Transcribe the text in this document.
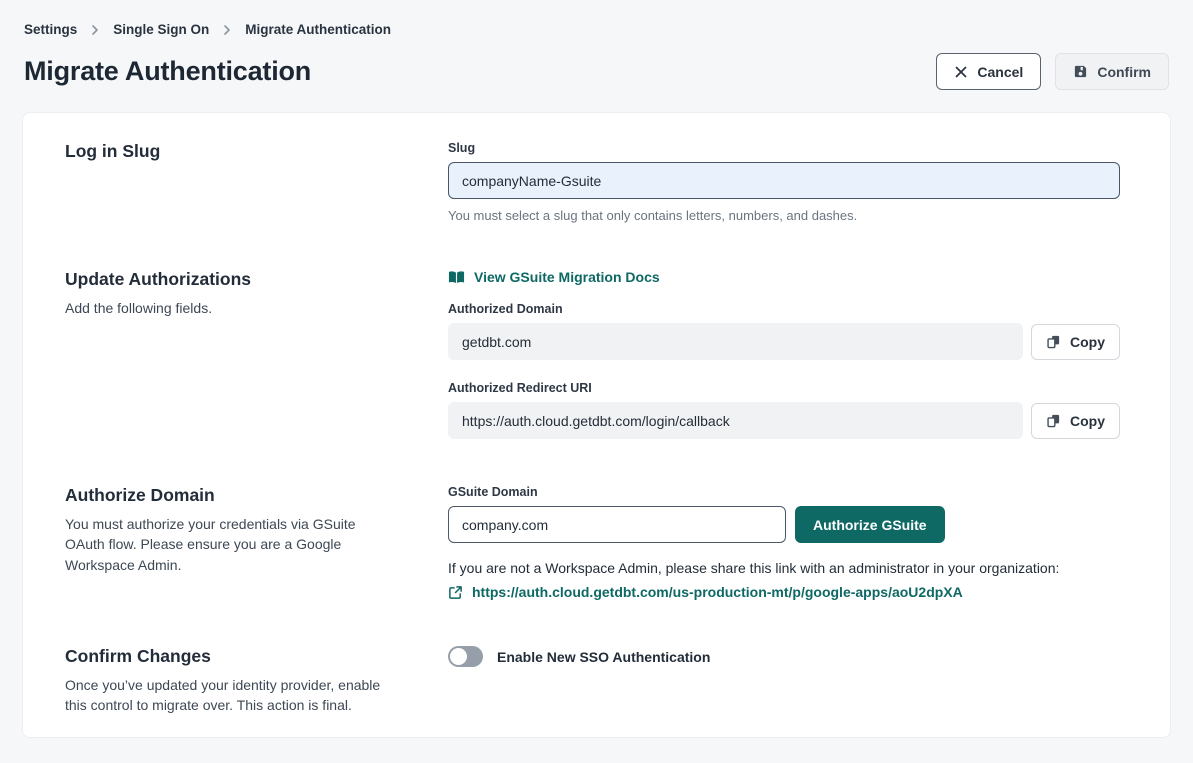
Settings	Single Sign On	Migrate Authentication
Migrate Authentication	Cancel	Confirm
Log in Slug	Slug
companyName-Gsuite
You must select a slug that only contains letters, numbers, and dashes.
Update Authorizations

Add the following fields.

View GSuite Migration Docs
Authorized Domain
getdbt.com
Copy
Authorized Redirect URI
https://auth.cloud.getdbt.com/login/callback
Copy
Authorize Domain

You must authorize your credentials via GSuite OAuth flow. Please ensure you are a Google Workspace Admin.

GSuite Domain
company.com
Authorize GSuite
If you are not a Workspace Admin, please share this link with an administrator in your organization:
https://auth.cloud.getdbt.com/us-production-mt/p/google-apps/aoU2dpXA
Confirm Changes

Once you’ve updated your identity provider, enable this control to migrate over. This action is final.

Enable New SSO Authentication
